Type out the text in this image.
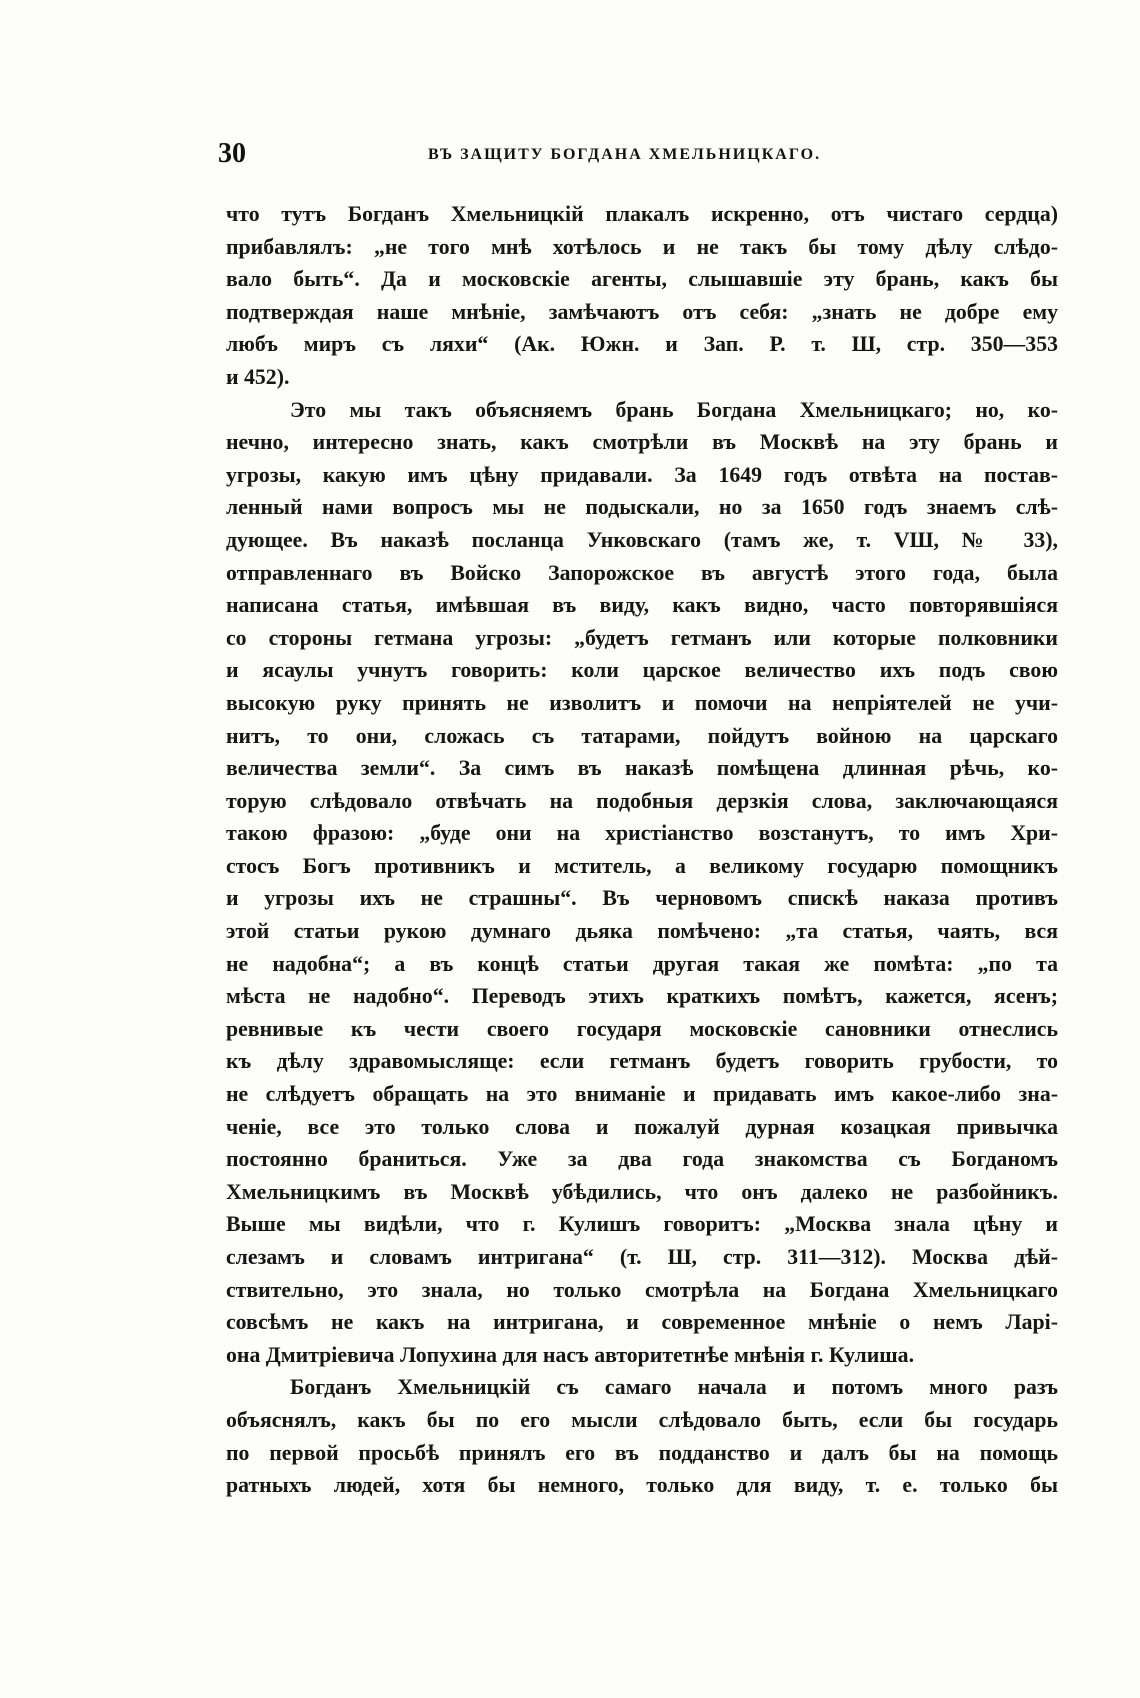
30	ВЪ ЗАЩИТУ БОГДАНА ХМЕЛЬНИЦКАГО.
что тутъ Богданъ Хмельницкій плакалъ искренно, отъ чистаго сердца)
прибавлялъ: „не того мнѣ хотѣлось и не такъ бы тому дѣлу слѣдо-
вало быть“. Да и московскіе агенты, слышавшіе эту брань, какъ бы
подтверждая наше мнѣніе, замѣчаютъ отъ себя: „знать не добре ему
любъ миръ съ ляхи“ (Ак. Южн. и Зап. Р. т. Ш, стр. 350—353
и 452).
Это мы такъ объясняемъ брань Богдана Хмельницкаго; но, ко-
нечно, интересно знать, какъ смотрѣли въ Москвѣ на эту брань и
угрозы, какую имъ цѣну придавали. За 1649 годъ отвѣта на постав-
ленный нами вопросъ мы не подыскали, но за 1650 годъ знаемъ слѣ-
дующее. Въ наказѣ посланца Унковскаго (тамъ же, т. VШ, № 33),
отправленнаго въ Войско Запорожское въ августѣ этого года, была
написана статья, имѣвшая въ виду, какъ видно, часто повторявшіяся
со стороны гетмана угрозы: „будетъ гетманъ или которые полковники
и ясаулы учнутъ говорить: коли царское величество ихъ подъ свою
высокую руку принять не изволитъ и помочи на непріятелей не учи-
нитъ, то они, сложась съ татарами, пойдутъ войною на царскаго
величества земли“. За симъ въ наказѣ помѣщена длинная рѣчь, ко-
торую слѣдовало отвѣчать на подобныя дерзкія слова, заключающаяся
такою фразою: „буде они на христіанство возстанутъ, то имъ Хри-
стосъ Богъ противникъ и мститель, а великому государю помощникъ
и угрозы ихъ не страшны“. Въ черновомъ спискѣ наказа противъ
этой статьи рукою думнаго дьяка помѣчено: „та статья, чаять, вся
не надобна“; а въ концѣ статьи другая такая же помѣта: „по та
мѣста не надобно“. Переводъ этихъ краткихъ помѣтъ, кажется, ясенъ;
ревнивые къ чести своего государя московскіе сановники отнеслись
къ дѣлу здравомыслящe: если гетманъ будетъ говорить грубости, то
не слѣдуетъ обращать на это вниманіе и придавать имъ какое-либо зна-
ченіе, все это только слова и пожалуй дурная козацкая привычка
постоянно браниться. Уже за два года знакомства съ Богданомъ
Хмельницкимъ въ Москвѣ убѣдились, что онъ далеко не разбойникъ.
Выше мы видѣли, что г. Кулишъ говоритъ: „Москва знала цѣну и
слезамъ и словамъ интригана“ (т. Ш, стр. 311—312). Москва дѣй-
ствительно, это знала, но только смотрѣла на Богдана Хмельницкаго
совсѣмъ не какъ на интригана, и современное мнѣніе о немъ Ларі-
она Дмитріевича Лопухина для насъ авторитетнѣе мнѣнія г. Кулиша.
Богданъ Хмельницкій съ самаго начала и потомъ много разъ
объяснялъ, какъ бы по его мысли слѣдовало быть, если бы государь
по первой просьбѣ принялъ его въ подданство и далъ бы на помощь
ратныхъ людей, хотя бы немного, только для виду, т. е. только бы
